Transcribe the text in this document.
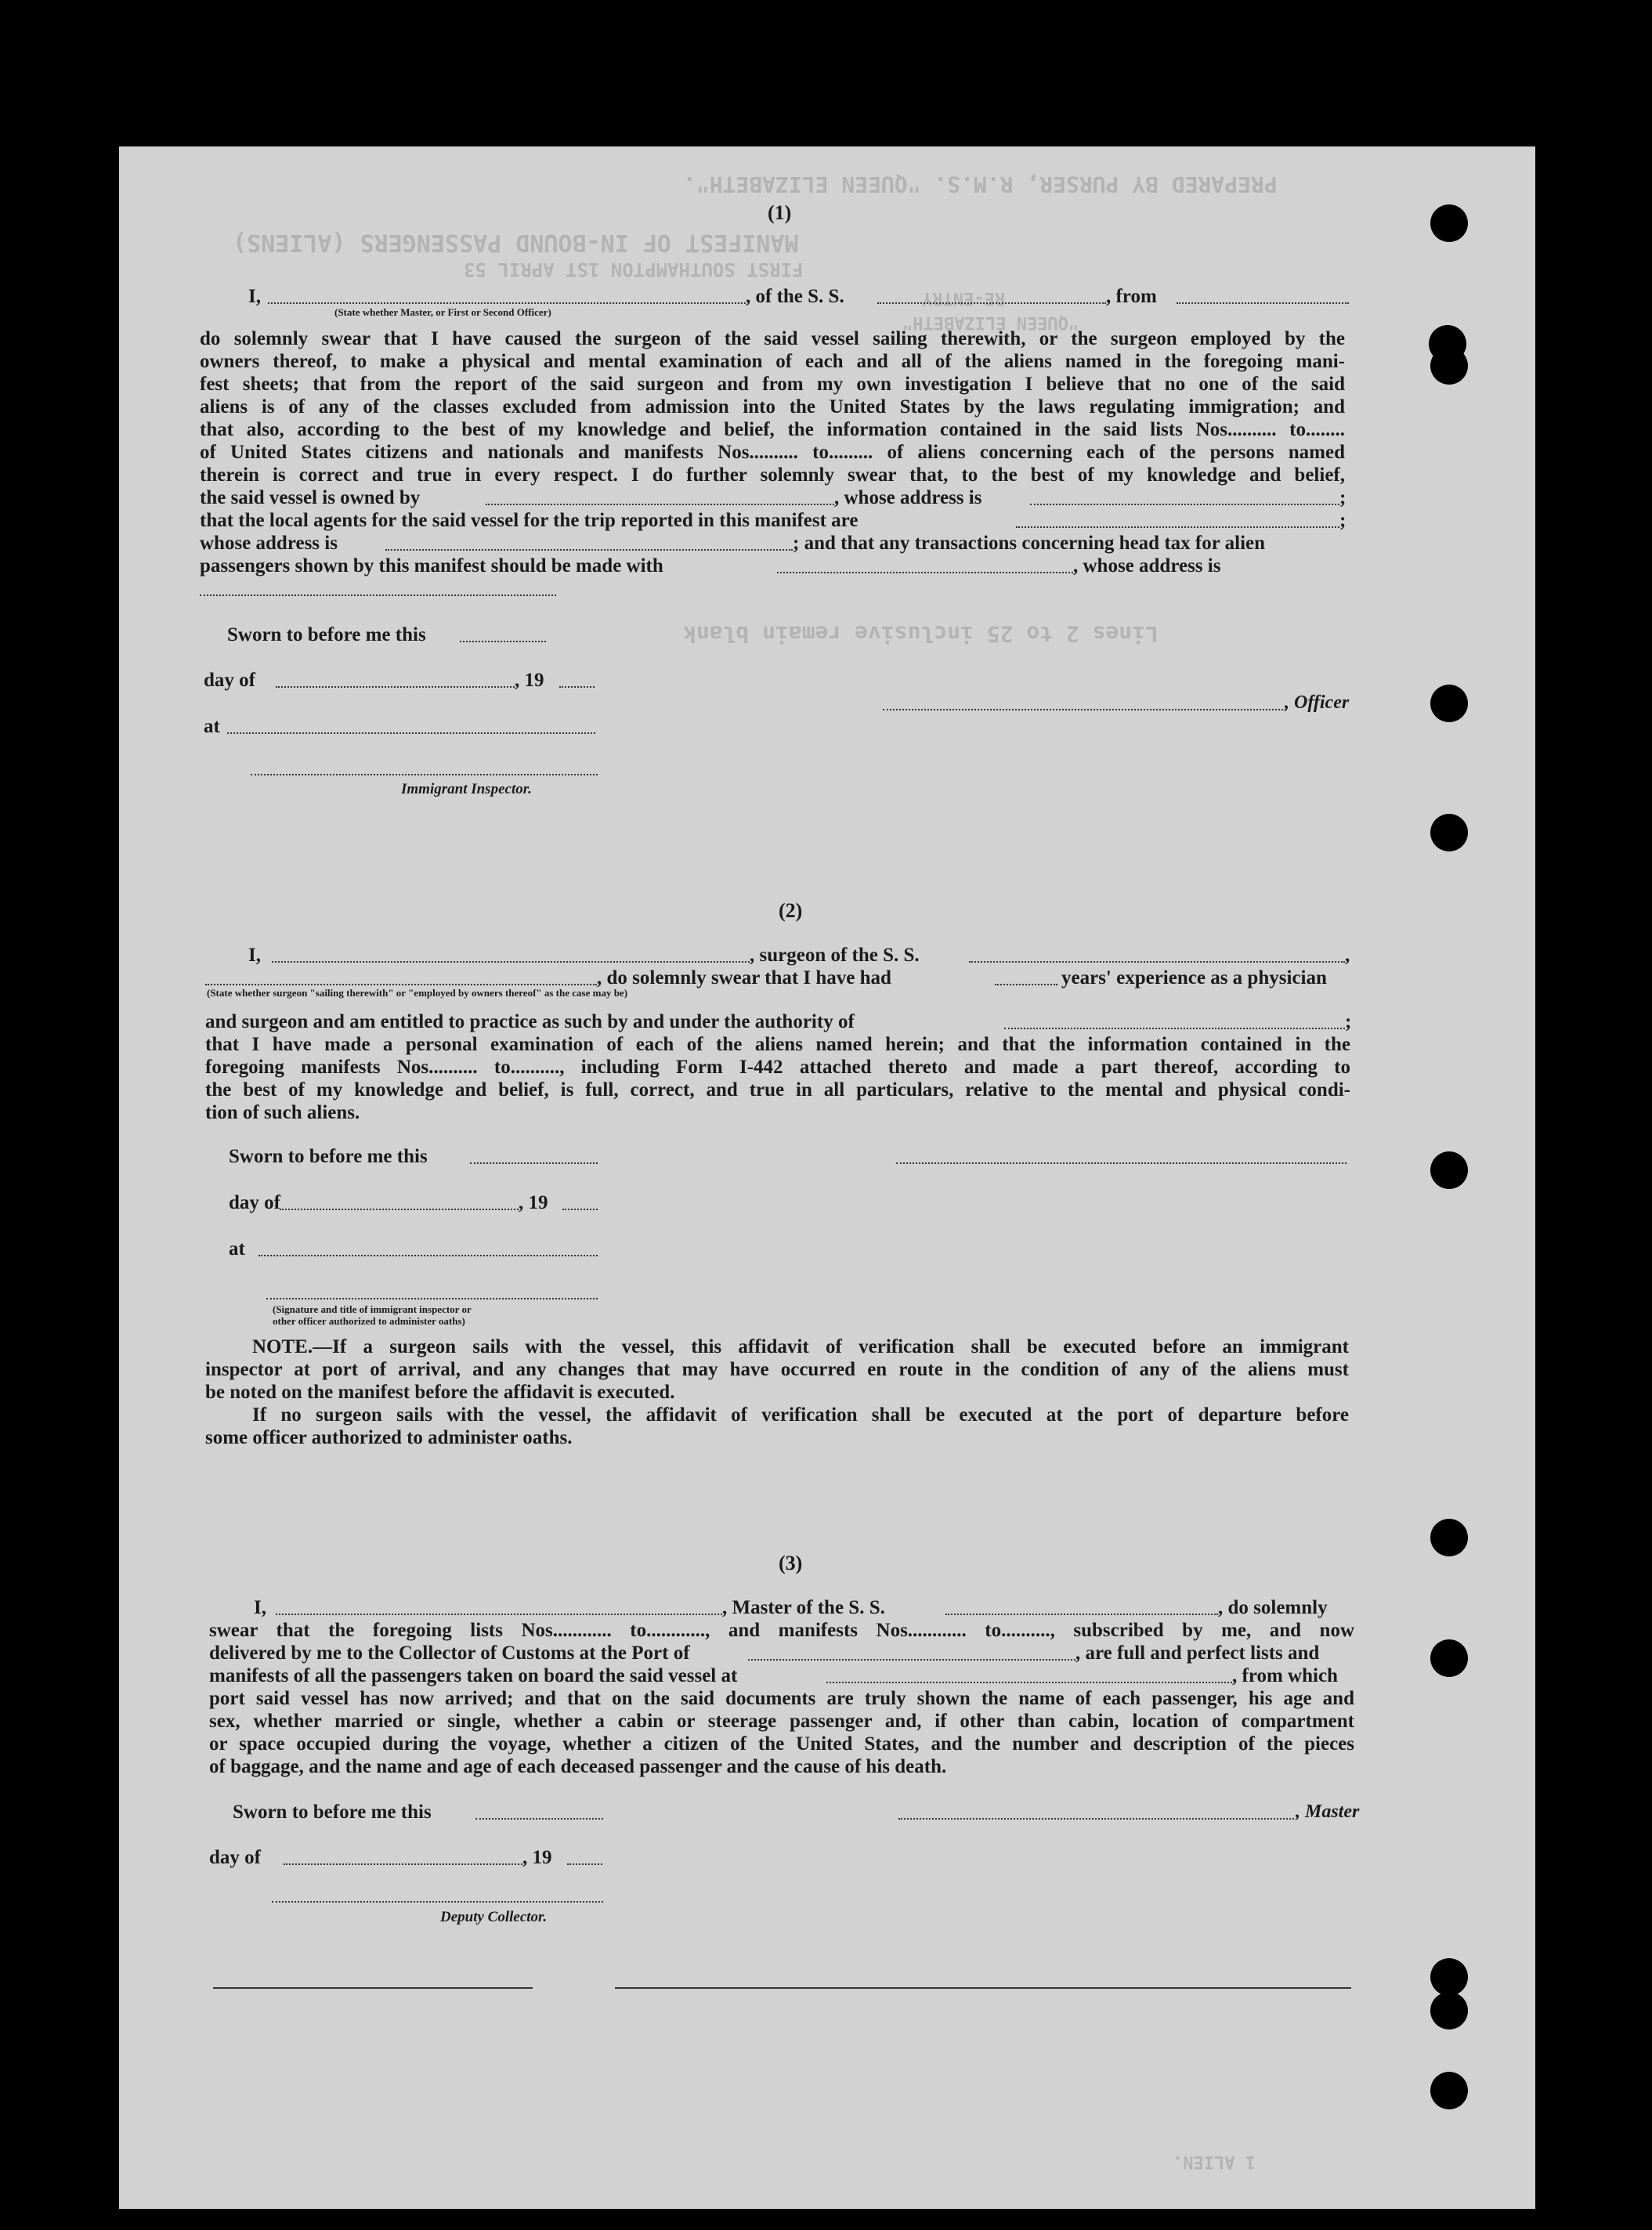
PREPARED BY PURSER, R.M.S. "QUEEN ELIZABETH".
MANIFEST OF IN-BOUND PASSENGERS (ALIENS)
FIRST SOUTHAMPTON 1ST APRIL 53
RE-ENTRY
"QUEEN ELIZABETH"
Lines 2 to 25 inclusive remain blank
1 ALIEN.
(1)
I,	, of the S. S.	, from
(State whether Master, or First or Second Officer)
do solemnly swear that I have caused the surgeon of the said vessel sailing therewith, or the surgeon employed by the
owners thereof, to make a physical and mental examination of each and all of the aliens named in the foregoing mani-
fest sheets; that from the report of the said surgeon and from my own investigation I believe that no one of the said
aliens is of any of the classes excluded from admission into the United States by the laws regulating immigration; and
that also, according to the best of my knowledge and belief, the information contained in the said lists Nos.......... to........
of United States citizens and nationals and manifests Nos.......... to......... of aliens concerning each of the persons named
therein is correct and true in every respect. I do further solemnly swear that, to the best of my knowledge and belief,
the said vessel is owned by	, whose address is	;
that the local agents for the said vessel for the trip reported in this manifest are	;
whose address is	; and that any transactions concerning head tax for alien
passengers shown by this manifest should be made with	, whose address is
Sworn to before me this
day of	, 19
, Officer
at
Immigrant Inspector.
(2)
I,	, surgeon of the S. S.	,
, do solemnly swear that I have had	years' experience as a physician
(State whether surgeon "sailing therewith" or "employed by owners thereof" as the case may be)
and surgeon and am entitled to practice as such by and under the authority of	;
that I have made a personal examination of each of the aliens named herein; and that the information contained in the
foregoing manifests Nos.......... to.........., including Form I-442 attached thereto and made a part thereof, according to
the best of my knowledge and belief, is full, correct, and true in all particulars, relative to the mental and physical condi-
tion of such aliens.
Sworn to before me this
day of	, 19
at
(Signature and title of immigrant inspector or
other officer authorized to administer oaths)
NOTE.—If a surgeon sails with the vessel, this affidavit of verification shall be executed before an immigrant
inspector at port of arrival, and any changes that may have occurred en route in the condition of any of the aliens must
be noted on the manifest before the affidavit is executed.
If no surgeon sails with the vessel, the affidavit of verification shall be executed at the port of departure before
some officer authorized to administer oaths.
(3)
I,	, Master of the S. S.	, do solemnly
swear that the foregoing lists Nos............ to............, and manifests Nos............ to.........., subscribed by me, and now
delivered by me to the Collector of Customs at the Port of	, are full and perfect lists and
manifests of all the passengers taken on board the said vessel at	, from which
port said vessel has now arrived; and that on the said documents are truly shown the name of each passenger, his age and
sex, whether married or single, whether a cabin or steerage passenger and, if other than cabin, location of compartment
or space occupied during the voyage, whether a citizen of the United States, and the number and description of the pieces
of baggage, and the name and age of each deceased passenger and the cause of his death.
Sworn to before me this	, Master
day of	, 19
Deputy Collector.
